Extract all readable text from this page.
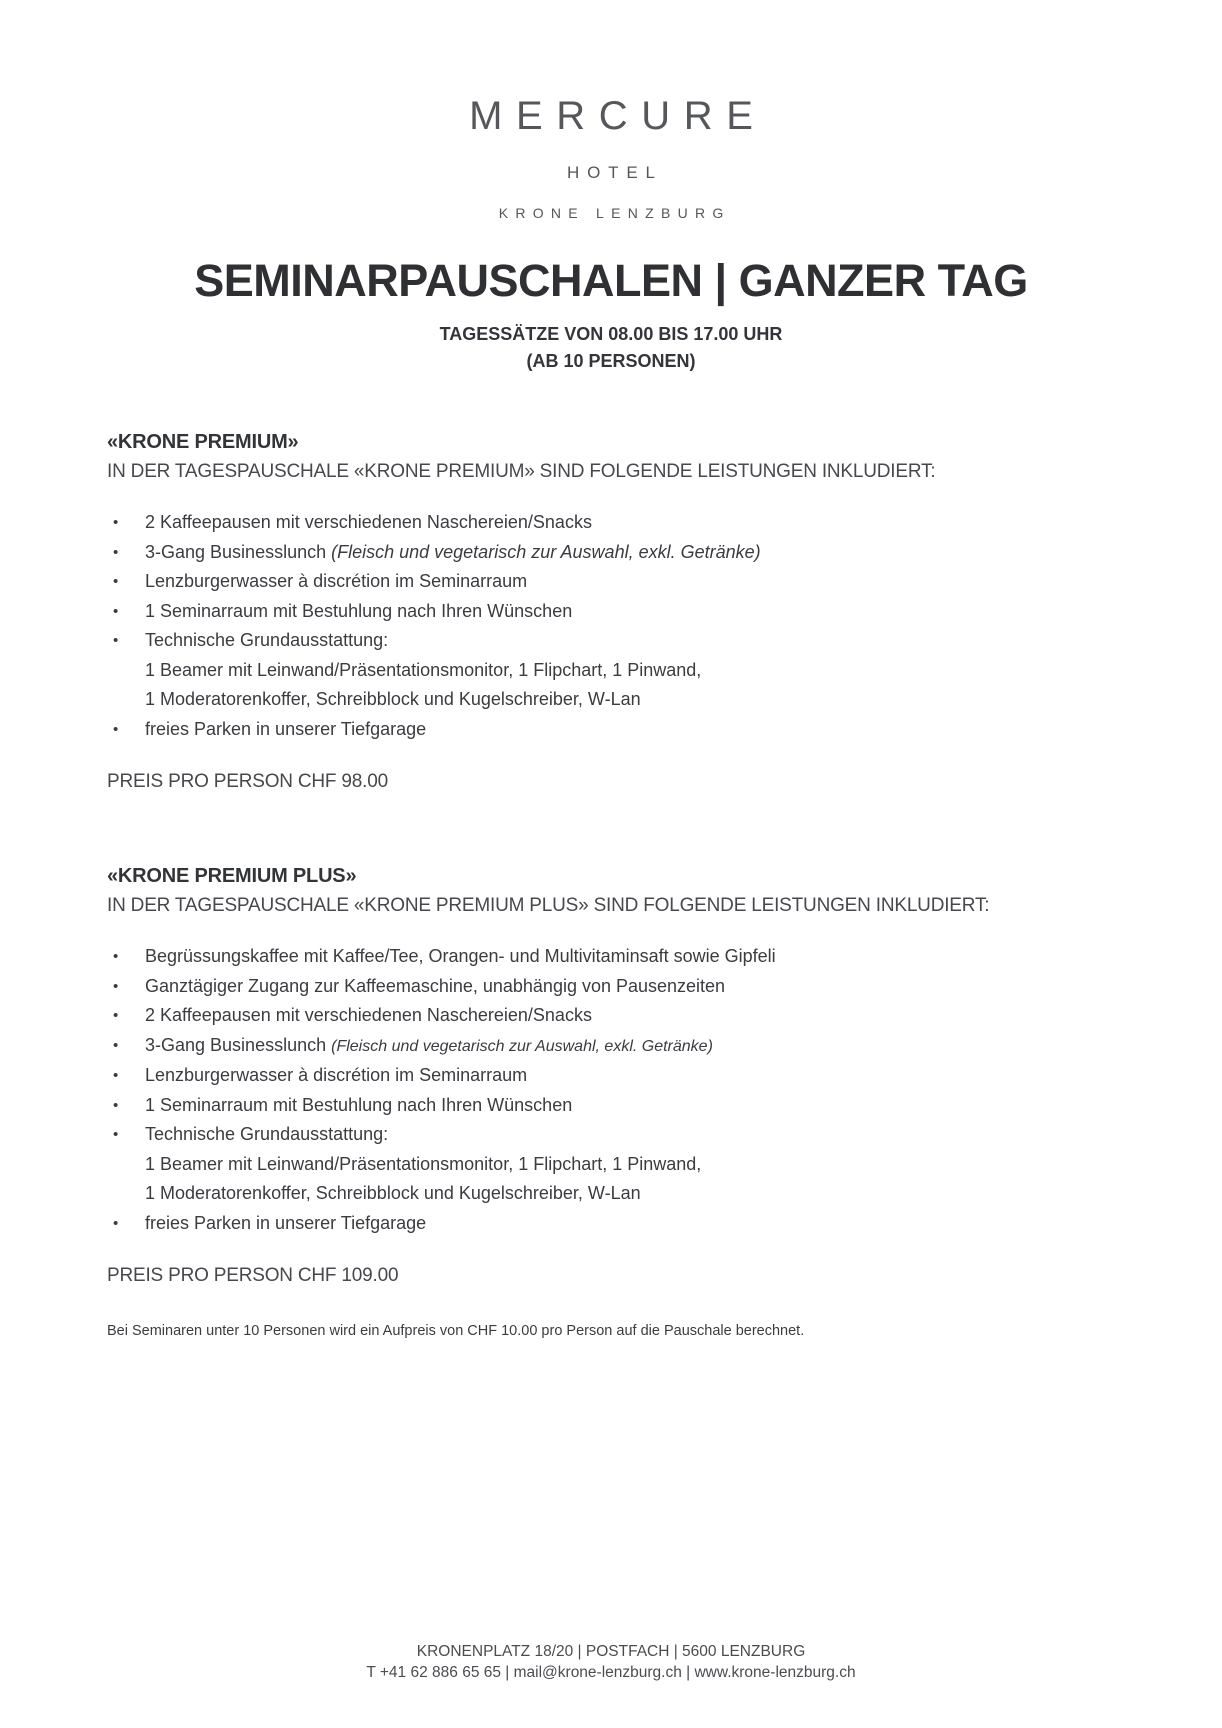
MERCURE
HOTEL
KRONE LENZBURG
SEMINARPAUSCHALEN | GANZER TAG
TAGESSÄTZE VON 08.00 BIS 17.00 UHR
(AB 10 PERSONEN)
«KRONE PREMIUM»

IN DER TAGESPAUSCHALE «KRONE PREMIUM» SIND FOLGENDE LEISTUNGEN INKLUDIERT:

•	2 Kaffeepausen mit verschiedenen Naschereien/Snacks
•	3-Gang Businesslunch (Fleisch und vegetarisch zur Auswahl, exkl. Getränke)
•	Lenzburgerwasser à discrétion im Seminarraum
•	1 Seminarraum mit Bestuhlung nach Ihren Wünschen
•	Technische Grundausstattung:
1 Beamer mit Leinwand/Präsentationsmonitor, 1 Flipchart, 1 Pinwand,
1 Moderatorenkoffer, Schreibblock und Kugelschreiber, W-Lan
•	freies Parken in unserer Tiefgarage

PREIS PRO PERSON CHF 98.00

«KRONE PREMIUM PLUS»

IN DER TAGESPAUSCHALE «KRONE PREMIUM PLUS» SIND FOLGENDE LEISTUNGEN INKLUDIERT:

•	Begrüssungskaffee mit Kaffee/Tee, Orangen- und Multivitaminsaft sowie Gipfeli
•	Ganztägiger Zugang zur Kaffeemaschine, unabhängig von Pausenzeiten
•	2 Kaffeepausen mit verschiedenen Naschereien/Snacks
•	3-Gang Businesslunch (Fleisch und vegetarisch zur Auswahl, exkl. Getränke)
•	Lenzburgerwasser à discrétion im Seminarraum
•	1 Seminarraum mit Bestuhlung nach Ihren Wünschen
•	Technische Grundausstattung:
1 Beamer mit Leinwand/Präsentationsmonitor, 1 Flipchart, 1 Pinwand,
1 Moderatorenkoffer, Schreibblock und Kugelschreiber, W-Lan
•	freies Parken in unserer Tiefgarage

PREIS PRO PERSON CHF 109.00

Bei Seminaren unter 10 Personen wird ein Aufpreis von CHF 10.00 pro Person auf die Pauschale berechnet.

KRONENPLATZ 18/20 | POSTFACH | 5600 LENZBURG
T +41 62 886 65 65 | mail@krone-lenzburg.ch | www.krone-lenzburg.ch
